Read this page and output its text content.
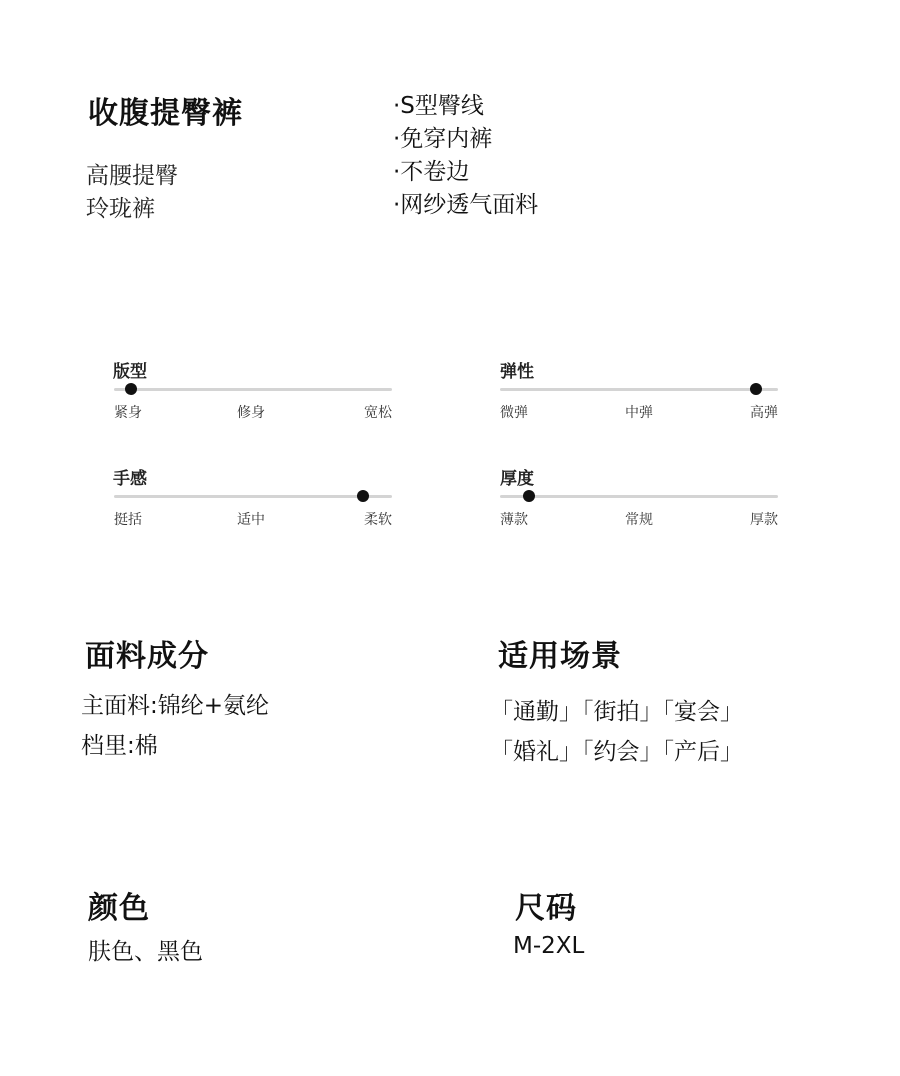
收腹提臀裤
高腰提臀
玲珑裤
·S型臀线
·免穿内裤
·不卷边
·网纱透气面料
版型
紧身	修身	宽松
弹性
微弹	中弹	高弹
手感
挺括	适中	柔软
厚度
薄款	常规	厚款
面料成分
主面料:锦纶+氨纶
档里:棉
适用场景
「通勤」「街拍」「宴会」
「婚礼」「约会」「产后」
颜色
肤色、黑色
尺码
M-2XL
